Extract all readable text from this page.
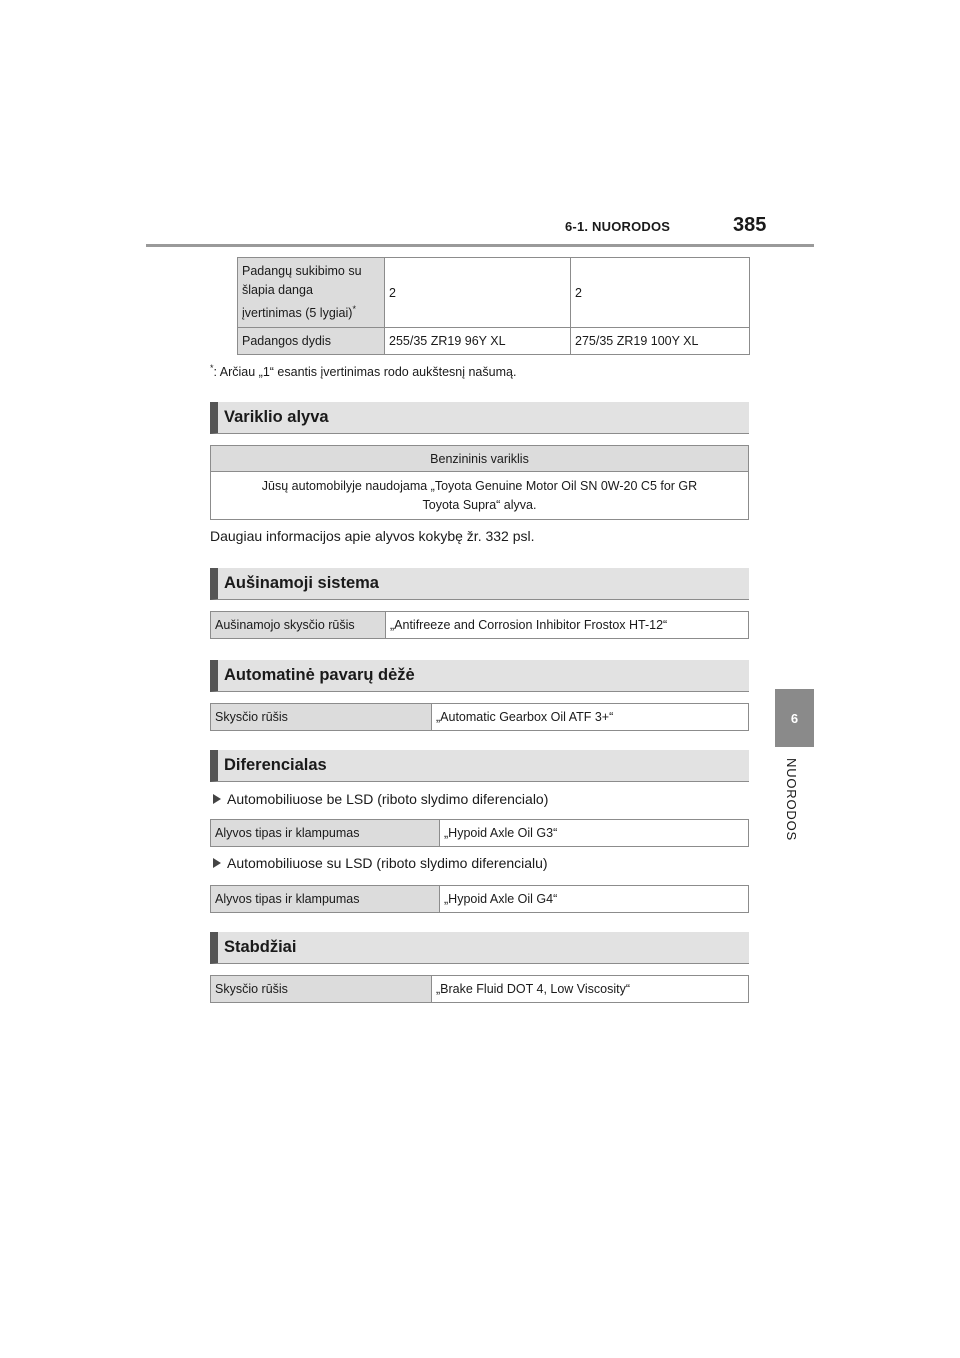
6-1. NUORODOS	385
6
NUORODOS
Padangų sukibimo su
šlapia danga
įvertinimas (5 lygiai)*	2	2
Padangos dydis	255/35 ZR19 96Y XL	275/35 ZR19 100Y XL
*: Arčiau „1“ esantis įvertinimas rodo aukštesnį našumą.
Variklio alyva
Benzininis variklis

Jūsų automobilyje naudojama „Toyota Genuine Motor Oil SN 0W-20 C5 for GR
Toyota Supra“ alyva.
Daugiau informacijos apie alyvos kokybę žr. 332 psl.
Aušinamoji sistema
Aušinamojo skysčio rūšis	„Antifreeze and Corrosion Inhibitor Frostox HT-12“
Automatinė pavarų dėžė
Skysčio rūšis	„Automatic Gearbox Oil ATF 3+“
Diferencialas
Automobiliuose be LSD (riboto slydimo diferencialo)
Alyvos tipas ir klampumas	„Hypoid Axle Oil G3“
Automobiliuose su LSD (riboto slydimo diferencialu)
Alyvos tipas ir klampumas	„Hypoid Axle Oil G4“
Stabdžiai
Skysčio rūšis	„Brake Fluid DOT 4, Low Viscosity“
